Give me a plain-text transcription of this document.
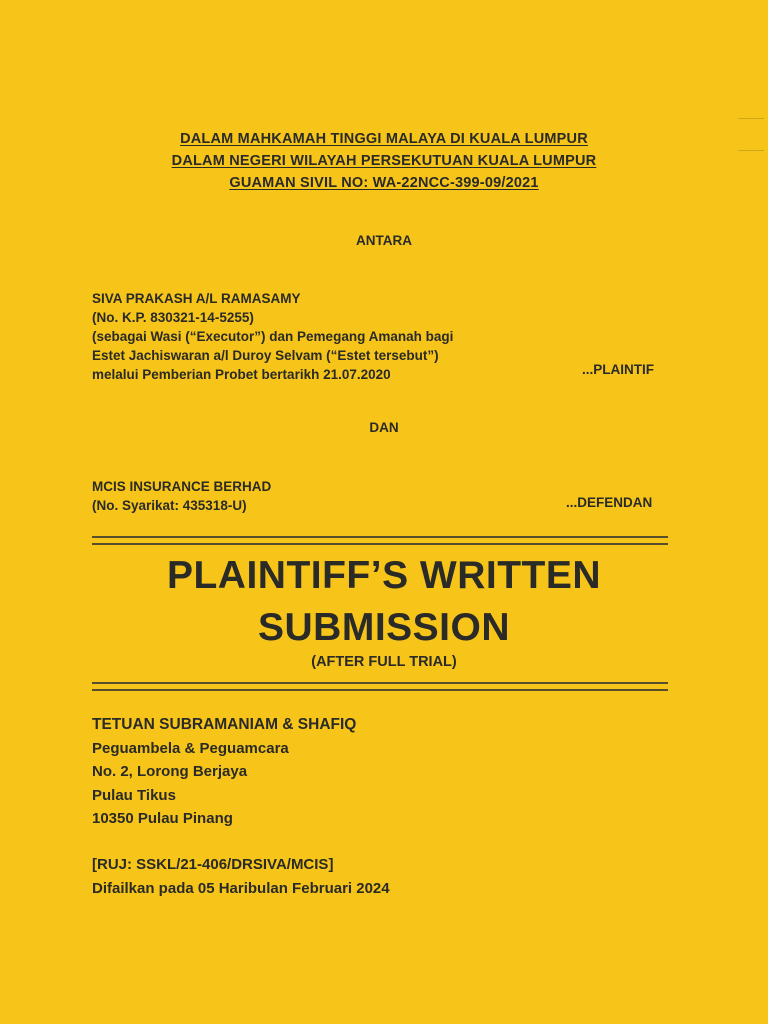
DALAM MAHKAMAH TINGGI MALAYA DI KUALA LUMPUR
DALAM NEGERI WILAYAH PERSEKUTUAN KUALA LUMPUR
GUAMAN SIVIL NO: WA-22NCC-399-09/2021
ANTARA
SIVA PRAKASH A/L RAMASAMY
(No. K.P. 830321-14-5255)
(sebagai Wasi (“Executor”) dan Pemegang Amanah bagi
Estet Jachiswaran a/l Duroy Selvam (“Estet tersebut”)
melalui Pemberian Probet bertarikh 21.07.2020	...PLAINTIF
DAN
MCIS INSURANCE BERHAD
(No. Syarikat: 435318-U)	...DEFENDAN
PLAINTIFF’S WRITTEN
SUBMISSION
(AFTER FULL TRIAL)
TETUAN SUBRAMANIAM & SHAFIQ
Peguambela & Peguamcara
No. 2, Lorong Berjaya
Pulau Tikus
10350 Pulau Pinang
[RUJ: SSKL/21-406/DRSIVA/MCIS]
Difailkan pada 05 Haribulan Februari 2024
